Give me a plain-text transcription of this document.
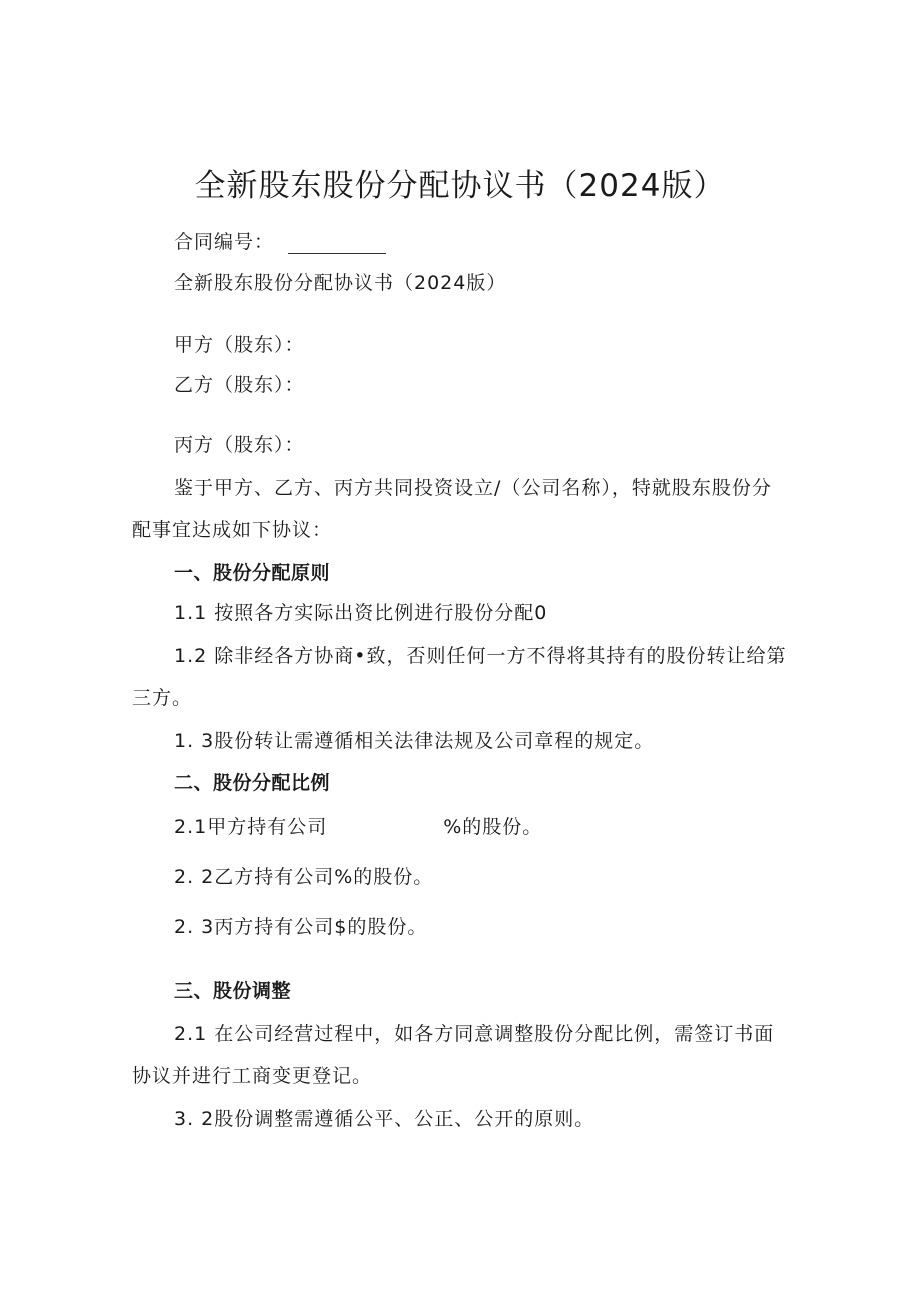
全新股东股份分配协议书（2024版）
合同编号：
全新股东股份分配协议书（2024版）
甲方（股东）：
乙方（股东）：
丙方（股东）：
鉴于甲方、乙方、丙方共同投资设立/（公司名称），特就股东股份分
配事宜达成如下协议：
一、股份分配原则
1.1 按照各方实际出资比例进行股份分配0
1.2 除非经各方协商•致，否则任何一方不得将其持有的股份转让给第
三方。
1. 3股份转让需遵循相关法律法规及公司章程的规定。
二、股份分配比例
2.1甲方持有公司	%的股份。
2. 2乙方持有公司%的股份。
2. 3丙方持有公司$的股份。
三、股份调整
2.1 在公司经营过程中，如各方同意调整股份分配比例，需签订书面
协议并进行工商变更登记。
3. 2股份调整需遵循公平、公正、公开的原则。
